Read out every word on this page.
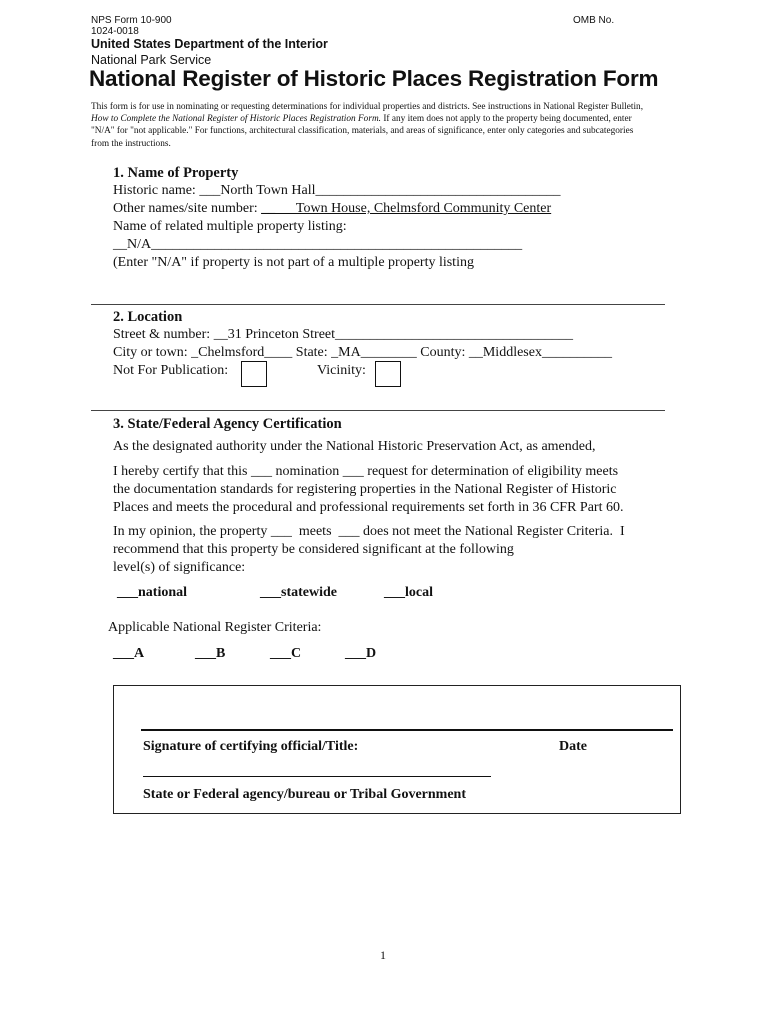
NPS Form 10-900
1024-0018
OMB No.
United States Department of the Interior
National Park Service
National Register of Historic Places Registration Form
This form is for use in nominating or requesting determinations for individual properties and districts. See instructions in National Register Bulletin,
How to Complete the National Register of Historic Places Registration Form. If any item does not apply to the property being documented, enter
"N/A" for "not applicable." For functions, architectural classification, materials, and areas of significance, enter only categories and subcategories
from the instructions.
1. Name of Property
Historic name: ___North Town Hall___________________________________
Other names/site number: __      Town House, Chelmsford Community Center
Name of related multiple property listing:
__N/A_____________________________________________________
(Enter "N/A" if property is not part of a multiple property listing
2. Location
Street & number: __31 Princeton Street__________________________________
City or town: _Chelmsford____ State: _MA________ County: __Middlesex__________
Not For Publication:	Vicinity:
3. State/Federal Agency Certification
As the designated authority under the National Historic Preservation Act, as amended,
I hereby certify that this ___ nomination ___ request for determination of eligibility meets
the documentation standards for registering properties in the National Register of Historic
Places and meets the procedural and professional requirements set forth in 36 CFR Part 60.
In my opinion, the property ___  meets  ___ does not meet the National Register Criteria.  I
recommend that this property be considered significant at the following
level(s) of significance:
___national	___statewide	___local
Applicable National Register Criteria:
___A	___B	___C	___D
Signature of certifying official/Title:	Date
State or Federal agency/bureau or Tribal Government
1
